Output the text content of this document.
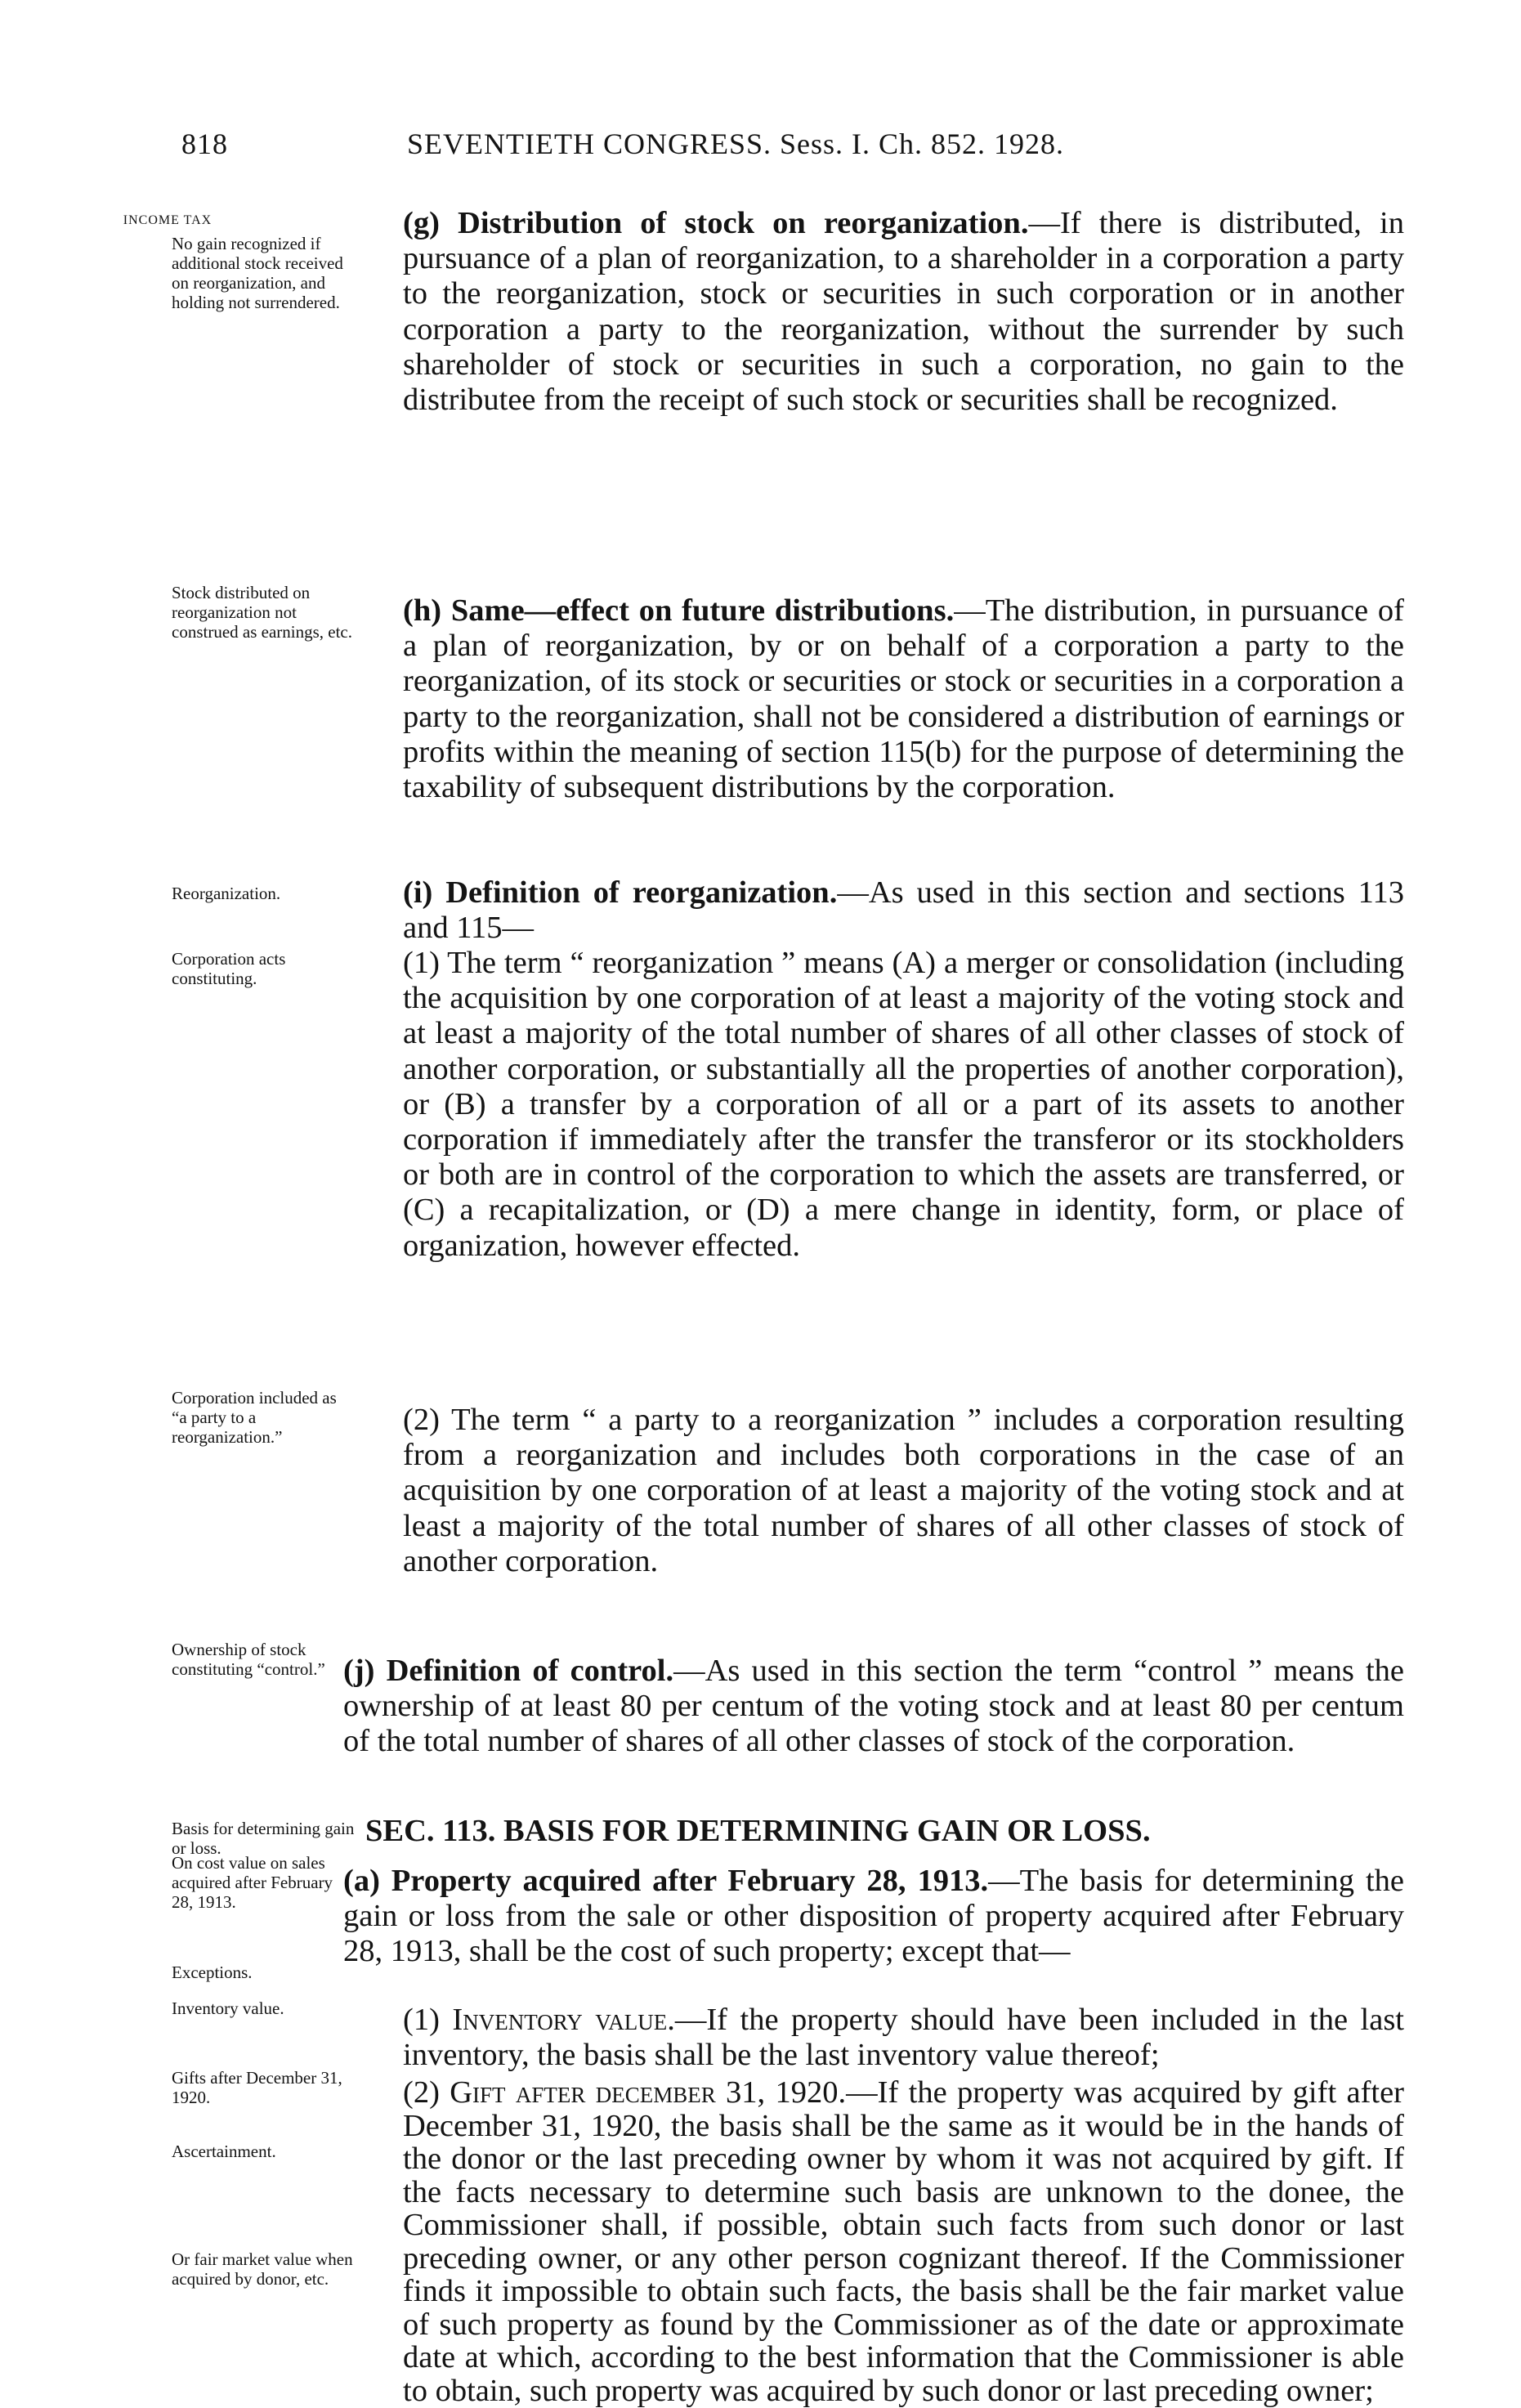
818	SEVENTIETH CONGRESS. Sess. I. Ch. 852. 1928.
INCOME TAX
No gain recognized if additional stock received on reorganization, and holding not surrendered.
Stock distributed on reorganization not construed as earnings, etc.
Reorganization.
Corporation acts constituting.
Corporation included as “a party to a reorganization.”
Ownership of stock constituting “control.”
Basis for determining gain or loss.
On cost value on sales acquired after February 28, 1913.
Exceptions.
Inventory value.
Gifts after December 31, 1920.
Ascertainment.
Or fair market value when acquired by donor, etc.
(g) Distribution of stock on reorganization.—If there is distributed, in pursuance of a plan of reorganization, to a shareholder in a corporation a party to the reorganization, stock or securities in such corporation or in another corporation a party to the reorganization, without the surrender by such shareholder of stock or securities in such a corporation, no gain to the distributee from the receipt of such stock or securities shall be recognized.
(h) Same—effect on future distributions.—The distribution, in pursuance of a plan of reorganization, by or on behalf of a corporation a party to the reorganization, of its stock or securities or stock or securities in a corporation a party to the reorganization, shall not be considered a distribution of earnings or profits within the meaning of section 115(b) for the purpose of determining the taxability of subsequent distributions by the corporation.
(i) Definition of reorganization.—As used in this section and sections 113 and 115—
(1) The term “ reorganization ” means (A) a merger or consolidation (including the acquisition by one corporation of at least a majority of the voting stock and at least a majority of the total number of shares of all other classes of stock of another corporation, or substantially all the properties of another corporation), or (B) a transfer by a corporation of all or a part of its assets to another corporation if immediately after the transfer the transferor or its stockholders or both are in control of the corporation to which the assets are transferred, or (C) a recapitalization, or (D) a mere change in identity, form, or place of organization, however effected.
(2) The term “ a party to a reorganization ” includes a corporation resulting from a reorganization and includes both corporations in the case of an acquisition by one corporation of at least a majority of the voting stock and at least a majority of the total number of shares of all other classes of stock of another corporation.
(j) Definition of control.—As used in this section the term “control ” means the ownership of at least 80 per centum of the voting stock and at least 80 per centum of the total number of shares of all other classes of stock of the corporation.
SEC. 113. BASIS FOR DETERMINING GAIN OR LOSS.
(a) Property acquired after February 28, 1913.—The basis for determining the gain or loss from the sale or other disposition of property acquired after February 28, 1913, shall be the cost of such property; except that—
(1) Inventory value.—If the property should have been included in the last inventory, the basis shall be the last inventory value thereof;
(2) Gift after december 31, 1920.—If the property was acquired by gift after December 31, 1920, the basis shall be the same as it would be in the hands of the donor or the last preceding owner by whom it was not acquired by gift. If the facts necessary to determine such basis are unknown to the donee, the Commissioner shall, if possible, obtain such facts from such donor or last preceding owner, or any other person cognizant thereof. If the Commissioner finds it impossible to obtain such facts, the basis shall be the fair market value of such property as found by the Commissioner as of the date or approximate date at which, according to the best information that the Commissioner is able to obtain, such property was acquired by such donor or last preceding owner;
